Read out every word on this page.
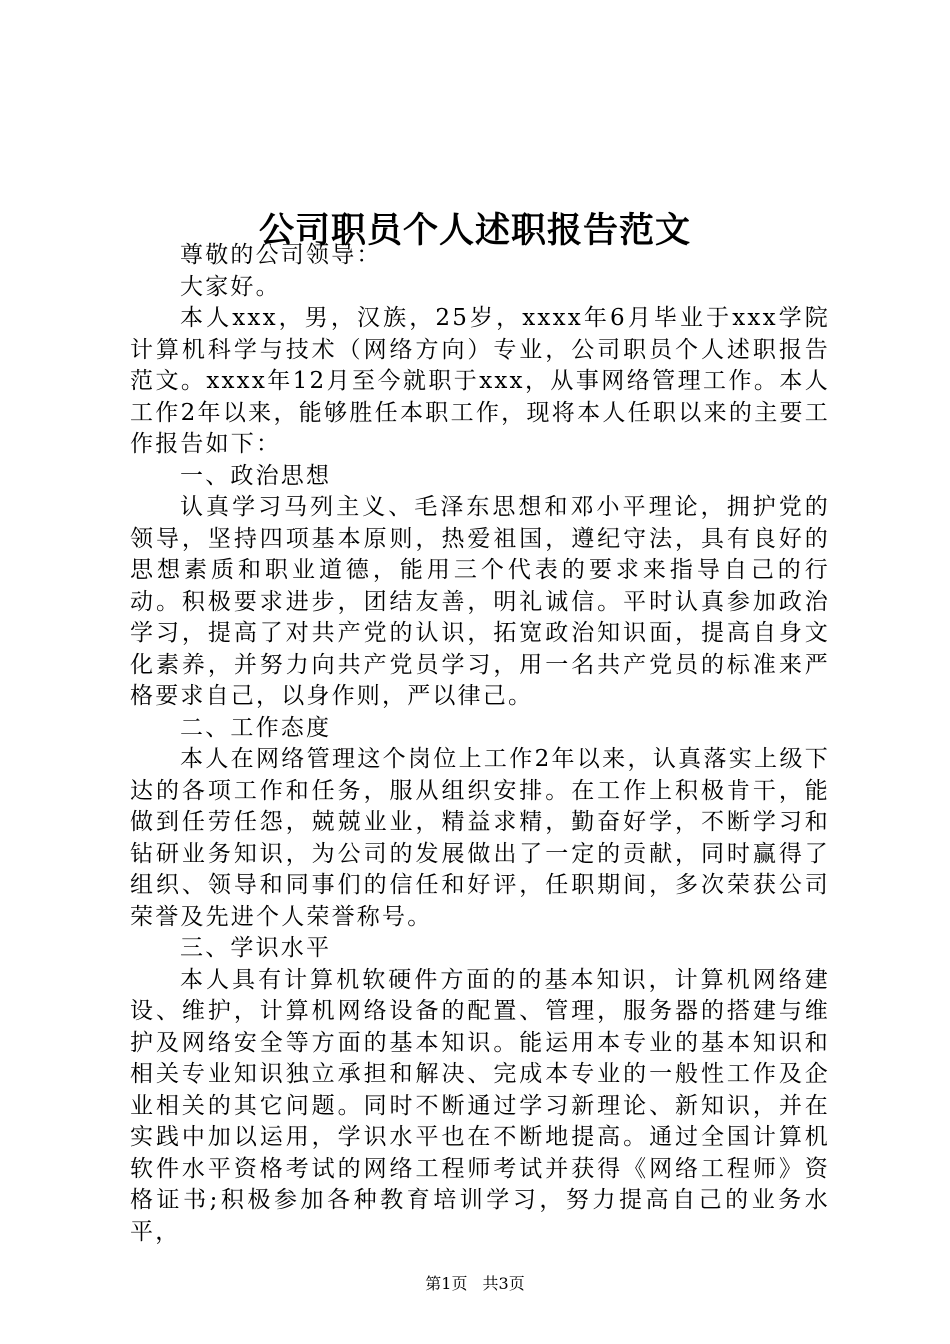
公司职员个人述职报告范文

尊敬的公司领导：

大家好。

本人xxx，男，汉族，25岁，xxxx年6月毕业于xxx学院计算机科学与技术（网络方向）专业，公司职员个人述职报告范文。xxxx年12月至今就职于xxx，从事网络管理工作。本人工作2年以来，能够胜任本职工作，现将本人任职以来的主要工作报告如下：

一、政治思想

认真学习马列主义、毛泽东思想和邓小平理论，拥护党的领导，坚持四项基本原则，热爱祖国，遵纪守法，具有良好的思想素质和职业道德，能用三个代表的要求来指导自己的行动。积极要求进步，团结友善，明礼诚信。平时认真参加政治学习，提高了对共产党的认识，拓宽政治知识面，提高自身文化素养，并努力向共产党员学习，用一名共产党员的标准来严格要求自己，以身作则，严以律己。

二、工作态度

本人在网络管理这个岗位上工作2年以来，认真落实上级下达的各项工作和任务，服从组织安排。在工作上积极肯干，能做到任劳任怨，兢兢业业，精益求精，勤奋好学，不断学习和钻研业务知识，为公司的发展做出了一定的贡献，同时赢得了组织、领导和同事们的信任和好评，任职期间，多次荣获公司荣誉及先进个人荣誉称号。

三、学识水平

本人具有计算机软硬件方面的的基本知识，计算机网络建设、维护，计算机网络设备的配置、管理，服务器的搭建与维护及网络安全等方面的基本知识。能运用本专业的基本知识和相关专业知识独立承担和解决、完成本专业的一般性工作及企业相关的其它问题。同时不断通过学习新理论、新知识，并在实践中加以运用，学识水平也在不断地提高。通过全国计算机软件水平资格考试的网络工程师考试并获得《网络工程师》资格证书;积极参加各种教育培训学习，努力提高自己的业务水平，

第1页 共3页
